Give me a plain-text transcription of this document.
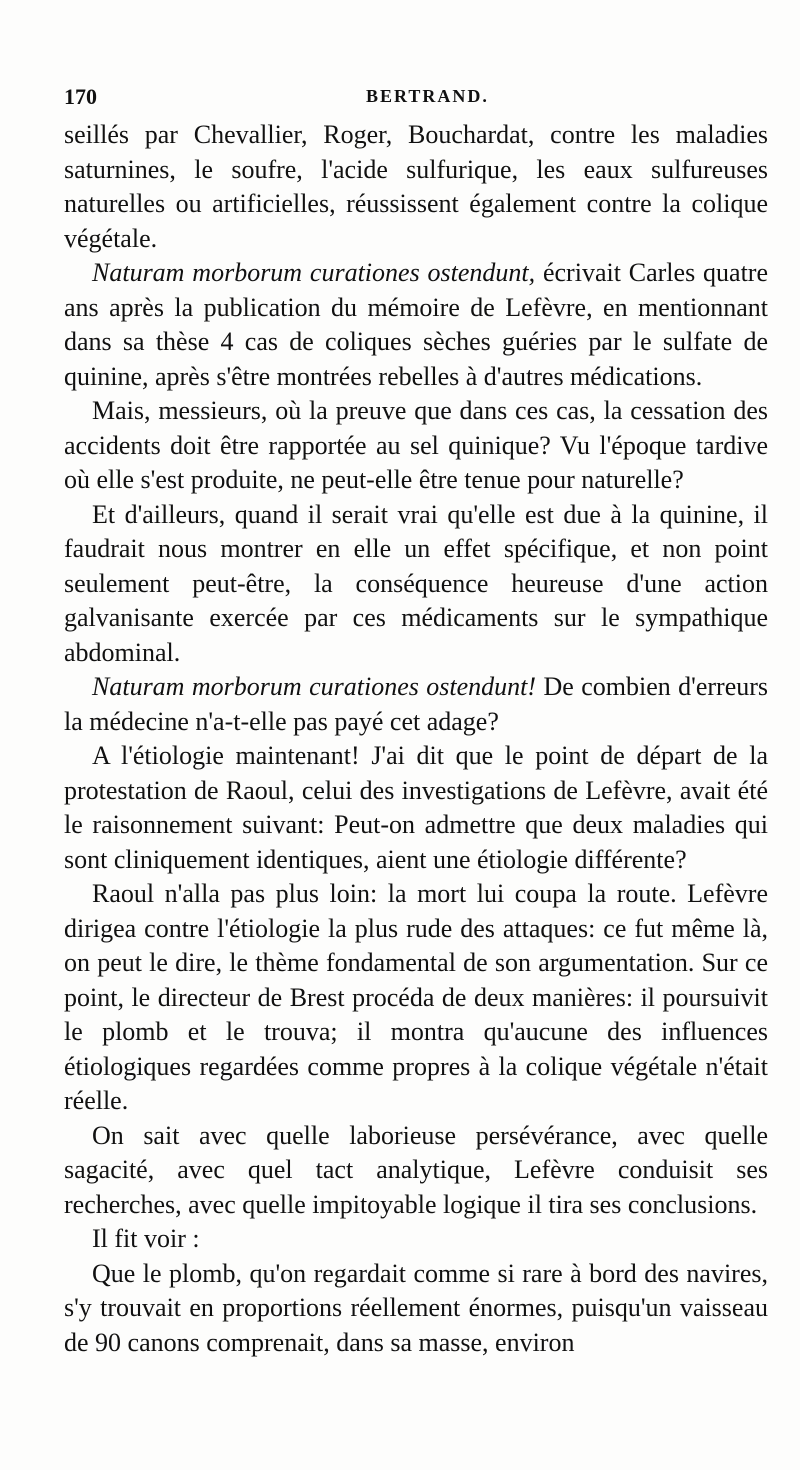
170	BERTRAND.

seillés par Chevallier, Roger, Bouchardat, contre les maladies saturnines, le soufre, l'acide sulfurique, les eaux sulfureuses naturelles ou artificielles, réussissent également contre la colique végétale.

Naturam morborum curationes ostendunt, écrivait Carles quatre ans après la publication du mémoire de Lefèvre, en mentionnant dans sa thèse 4 cas de coliques sèches guéries par le sulfate de quinine, après s'être montrées rebelles à d'autres médications.

Mais, messieurs, où la preuve que dans ces cas, la cessation des accidents doit être rapportée au sel quinique? Vu l'époque tardive où elle s'est produite, ne peut-elle être tenue pour naturelle?

Et d'ailleurs, quand il serait vrai qu'elle est due à la quinine, il faudrait nous montrer en elle un effet spécifique, et non point seulement peut-être, la conséquence heureuse d'une action galvanisante exercée par ces médicaments sur le sympathique abdominal.

Naturam morborum curationes ostendunt! De combien d'erreurs la médecine n'a-t-elle pas payé cet adage?

A l'étiologie maintenant! J'ai dit que le point de départ de la protestation de Raoul, celui des investigations de Lefèvre, avait été le raisonnement suivant: Peut-on admettre que deux maladies qui sont cliniquement identiques, aient une étiologie différente?

Raoul n'alla pas plus loin: la mort lui coupa la route. Lefèvre dirigea contre l'étiologie la plus rude des attaques: ce fut même là, on peut le dire, le thème fondamental de son argumentation. Sur ce point, le directeur de Brest procéda de deux manières: il poursuivit le plomb et le trouva; il montra qu'aucune des influences étiologiques regardées comme propres à la colique végétale n'était réelle.

On sait avec quelle laborieuse persévérance, avec quelle sagacité, avec quel tact analytique, Lefèvre conduisit ses recherches, avec quelle impitoyable logique il tira ses conclusions.

Il fit voir :

Que le plomb, qu'on regardait comme si rare à bord des navires, s'y trouvait en proportions réellement énormes, puisqu'un vaisseau de 90 canons comprenait, dans sa masse, environ
